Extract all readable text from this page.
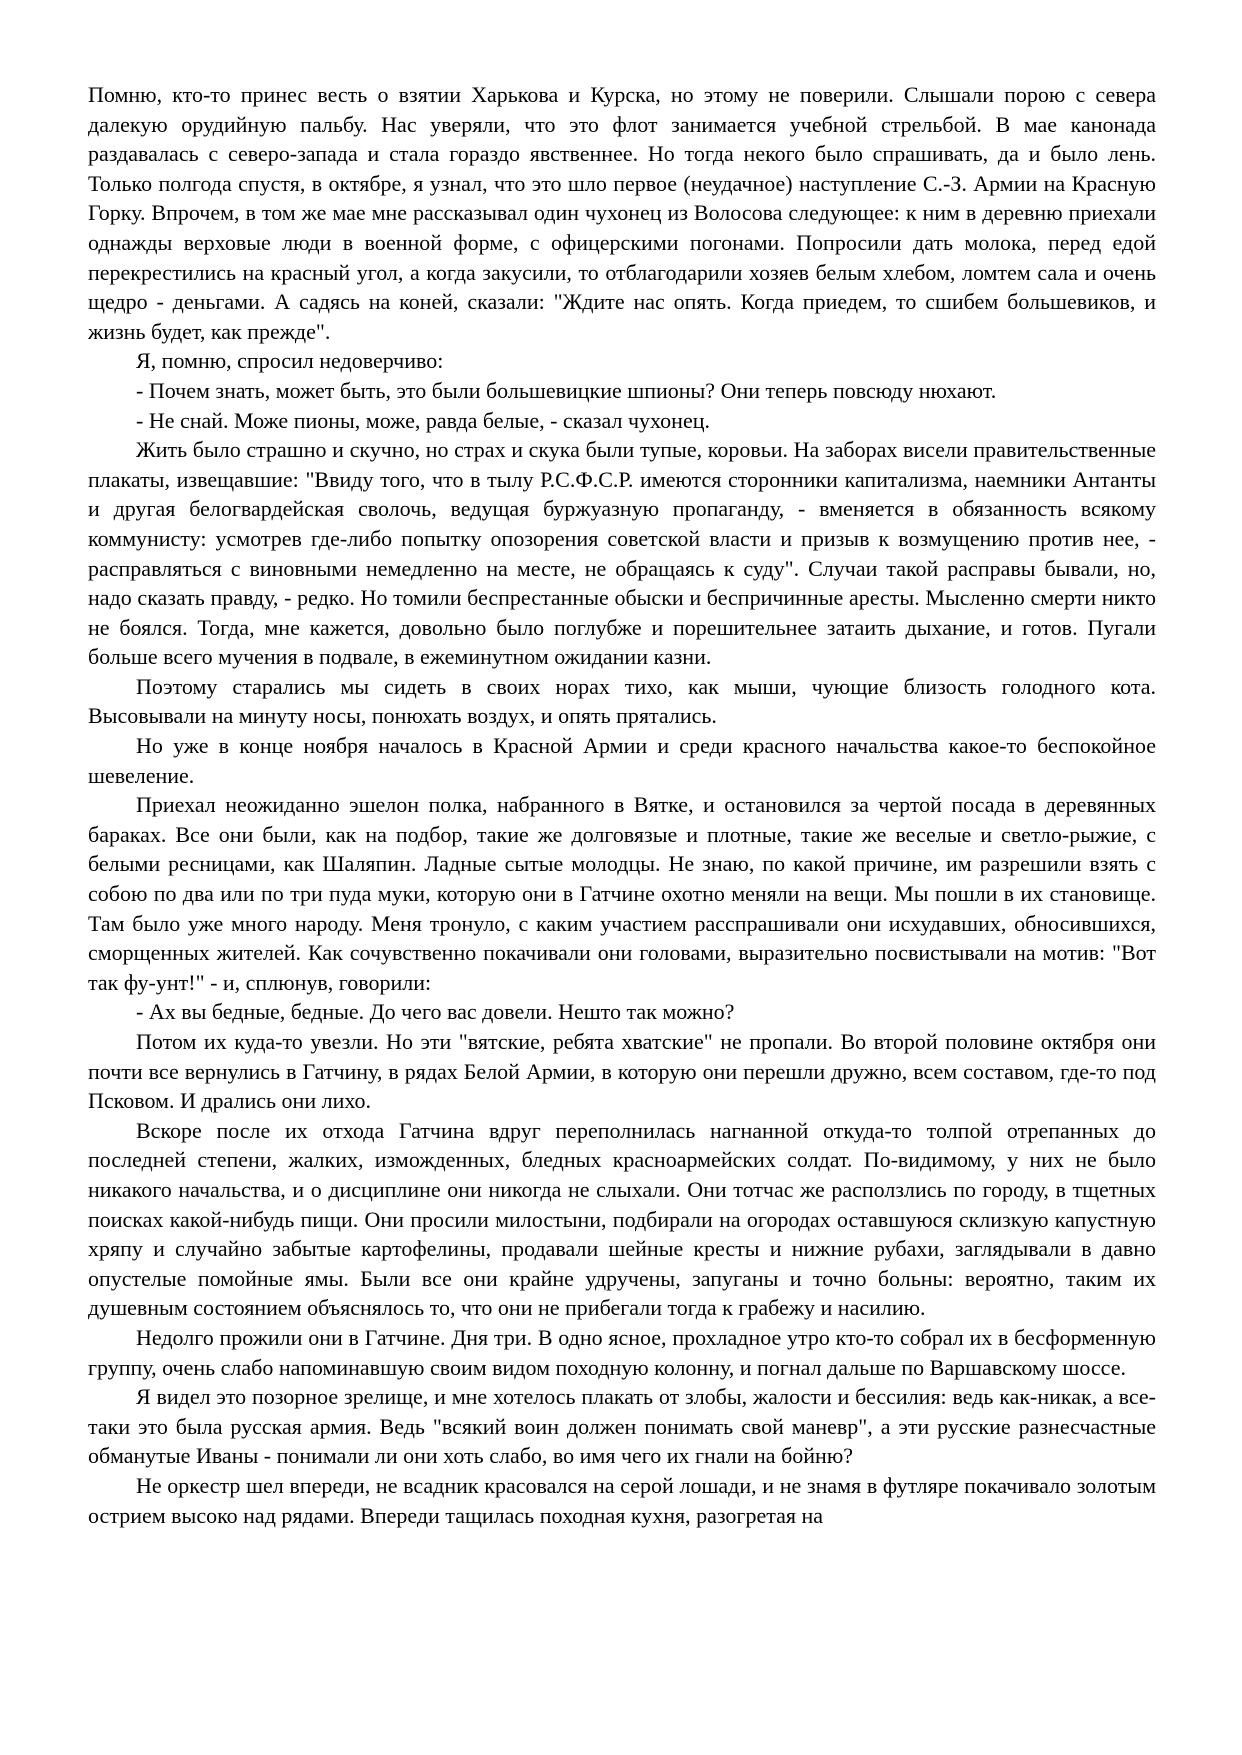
Помню, кто-то принес весть о взятии Харькова и Курска, но этому не поверили. Слышали порою с севера далекую орудийную пальбу. Нас уверяли, что это флот занимается учебной стрельбой. В мае канонада раздавалась с северо-запада и стала гораздо явственнее. Но тогда некого было спрашивать, да и было лень. Только полгода спустя, в октябре, я узнал, что это шло первое (неудачное) наступление С.-З. Армии на Красную Горку. Впрочем, в том же мае мне рассказывал один чухонец из Волосова следующее: к ним в деревню приехали однажды верховые люди в военной форме, с офицерскими погонами. Попросили дать молока, перед едой перекрестились на красный угол, а когда закусили, то отблагодарили хозяев белым хлебом, ломтем сала и очень щедро - деньгами. А садясь на коней, сказали: "Ждите нас опять. Когда приедем, то сшибем большевиков, и жизнь будет, как прежде".

Я, помню, спросил недоверчиво:

- Почем знать, может быть, это были большевицкие шпионы? Они теперь повсюду нюхают.

- Не снай. Може пионы, може, равда белые, - сказал чухонец.

Жить было страшно и скучно, но страх и скука были тупые, коровьи. На заборах висели правительственные плакаты, извещавшие: "Ввиду того, что в тылу Р.С.Ф.С.Р. имеются сторонники капитализма, наемники Антанты и другая белогвардейская сволочь, ведущая буржуазную пропаганду, - вменяется в обязанность всякому коммунисту: усмотрев где-либо попытку опозорения советской власти и призыв к возмущению против нее, - расправляться с виновными немедленно на месте, не обращаясь к суду". Случаи такой расправы бывали, но, надо сказать правду, - редко. Но томили беспрестанные обыски и беспричинные аресты. Мысленно смерти никто не боялся. Тогда, мне кажется, довольно было поглубже и порешительнее затаить дыхание, и готов. Пугали больше всего мучения в подвале, в ежеминутном ожидании казни.

Поэтому старались мы сидеть в своих норах тихо, как мыши, чующие близость голодного кота. Высовывали на минуту носы, понюхать воздух, и опять прятались.

Но уже в конце ноября началось в Красной Армии и среди красного начальства какое-то беспокойное шевеление.

Приехал неожиданно эшелон полка, набранного в Вятке, и остановился за чертой посада в деревянных бараках. Все они были, как на подбор, такие же долговязые и плотные, такие же веселые и светло-рыжие, с белыми ресницами, как Шаляпин. Ладные сытые молодцы. Не знаю, по какой причине, им разрешили взять с собою по два или по три пуда муки, которую они в Гатчине охотно меняли на вещи. Мы пошли в их становище. Там было уже много народу. Меня тронуло, с каким участием расспрашивали они исхудавших, обносившихся, сморщенных жителей. Как сочувственно покачивали они головами, выразительно посвистывали на мотив: "Вот так фу-унт!" - и, сплюнув, говорили:

- Ах вы бедные, бедные. До чего вас довели. Нешто так можно?

Потом их куда-то увезли. Но эти "вятские, ребята хватские" не пропали. Во второй половине октября они почти все вернулись в Гатчину, в рядах Белой Армии, в которую они перешли дружно, всем составом, где-то под Псковом. И дрались они лихо.

Вскоре после их отхода Гатчина вдруг переполнилась нагнанной откуда-то толпой отрепанных до последней степени, жалких, изможденных, бледных красноармейских солдат. По-видимому, у них не было никакого начальства, и о дисциплине они никогда не слыхали. Они тотчас же расползлись по городу, в тщетных поисках какой-нибудь пищи. Они просили милостыни, подбирали на огородах оставшуюся склизкую капустную хряпу и случайно забытые картофелины, продавали шейные кресты и нижние рубахи, заглядывали в давно опустелые помойные ямы. Были все они крайне удручены, запуганы и точно больны: вероятно, таким их душевным состоянием объяснялось то, что они не прибегали тогда к грабежу и насилию.

Недолго прожили они в Гатчине. Дня три. В одно ясное, прохладное утро кто-то собрал их в бесформенную группу, очень слабо напоминавшую своим видом походную колонну, и погнал дальше по Варшавскому шоссе.

Я видел это позорное зрелище, и мне хотелось плакать от злобы, жалости и бессилия: ведь как-никак, а все-таки это была русская армия. Ведь "всякий воин должен понимать свой маневр", а эти русские разнесчастные обманутые Иваны - понимали ли они хоть слабо, во имя чего их гнали на бойню?

Не оркестр шел впереди, не всадник красовался на серой лошади, и не знамя в футляре покачивало золотым острием высоко над рядами. Впереди тащилась походная кухня, разогретая на
